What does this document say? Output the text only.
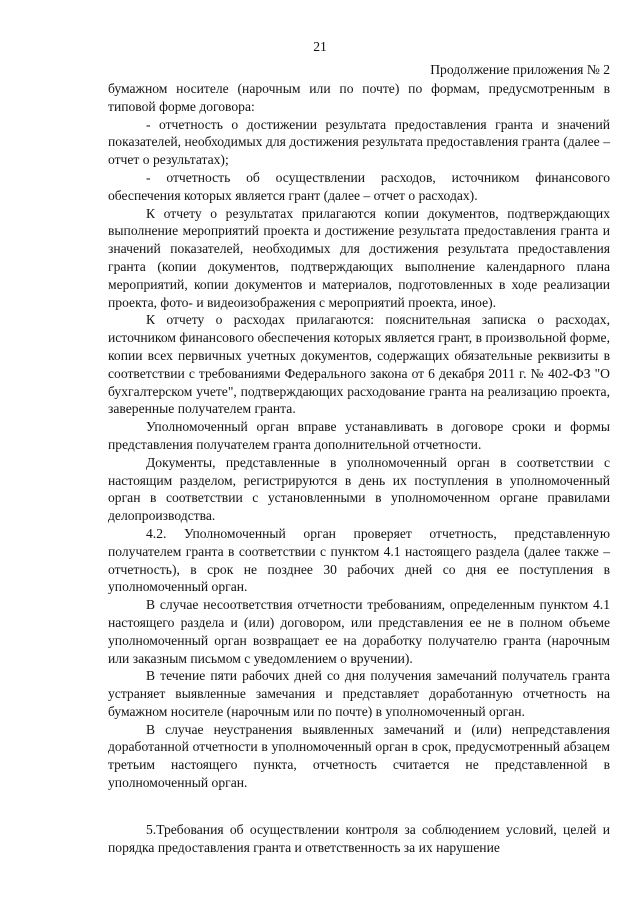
21
Продолжение приложения № 2

бумажном носителе (нарочным или по почте) по формам, предусмотренным в типовой форме договора:

- отчетность о достижении результата предоставления гранта и значений показателей, необходимых для достижения результата предоставления гранта (далее – отчет о результатах);

- отчетность об осуществлении расходов, источником финансового обеспечения которых является грант (далее – отчет о расходах).

К отчету о результатах прилагаются копии документов, подтверждающих выполнение мероприятий проекта и достижение результата предоставления гранта и значений показателей, необходимых для достижения результата предоставления гранта (копии документов, подтверждающих выполнение календарного плана мероприятий, копии документов и материалов, подготовленных в ходе реализации проекта, фото- и видеоизображения с мероприятий проекта, иное).

К отчету о расходах прилагаются: пояснительная записка о расходах, источником финансового обеспечения которых является грант, в произвольной форме, копии всех первичных учетных документов, содержащих обязательные реквизиты в соответствии с требованиями Федерального закона от 6 декабря 2011 г. № 402-ФЗ "О бухгалтерском учете", подтверждающих расходование гранта на реализацию проекта, заверенные получателем гранта.

Уполномоченный орган вправе устанавливать в договоре сроки и формы представления получателем гранта дополнительной отчетности.

Документы, представленные в уполномоченный орган в соответствии с настоящим разделом, регистрируются в день их поступления в уполномоченный орган в соответствии с установленными в уполномоченном органе правилами делопроизводства.

4.2. Уполномоченный орган проверяет отчетность, представленную получателем гранта в соответствии с пунктом 4.1 настоящего раздела (далее также – отчетность), в срок не позднее 30 рабочих дней со дня ее поступления в уполномоченный орган.

В случае несоответствия отчетности требованиям, определенным пунктом 4.1 настоящего раздела и (или) договором, или представления ее не в полном объеме уполномоченный орган возвращает ее на доработку получателю гранта (нарочным или заказным письмом с уведомлением о вручении).

В течение пяти рабочих дней со дня получения замечаний получатель гранта устраняет выявленные замечания и представляет доработанную отчетность на бумажном носителе (нарочным или по почте) в уполномоченный орган.

В случае неустранения выявленных замечаний и (или) непредставления доработанной отчетности в уполномоченный орган в срок, предусмотренный абзацем третьим настоящего пункта, отчетность считается не представленной в уполномоченный орган.

5.Требования об осуществлении контроля за соблюдением условий, целей и порядка предоставления гранта и ответственность за их нарушение
